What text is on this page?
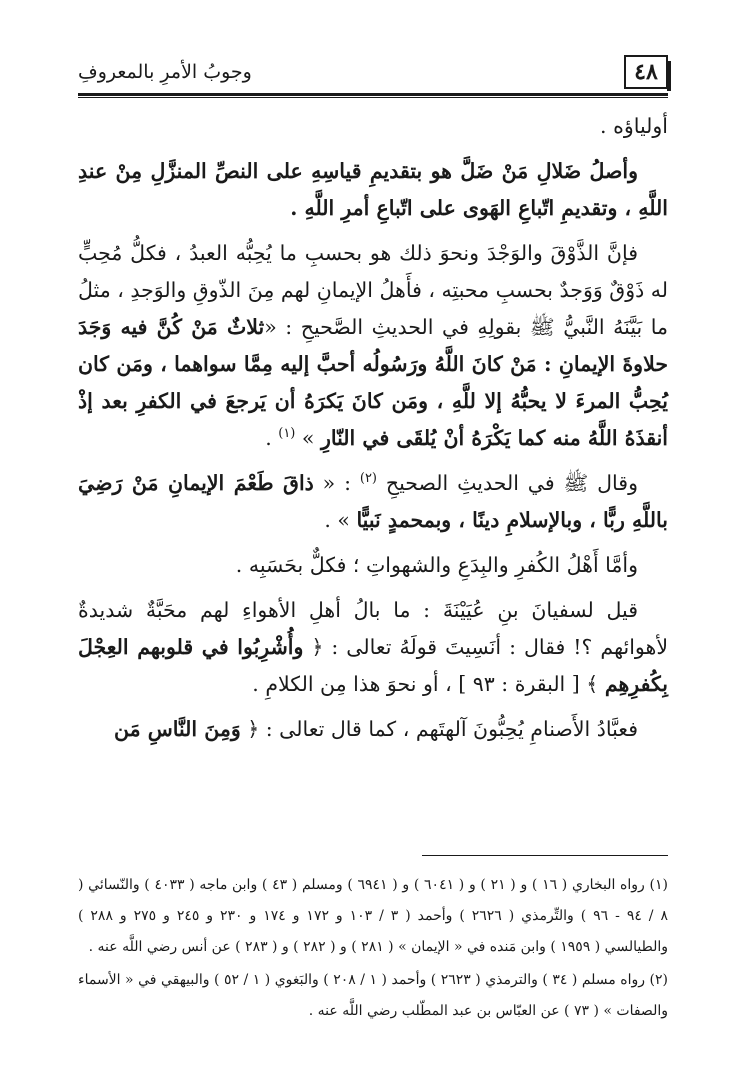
وجوبُ الأمرِ بالمعروفِ	٤٨

أولياؤه .

وأصلُ ضَلالِ مَنْ ضَلَّ هو بتقديمِ قياسِهِ على النصِّ المنزَّلِ مِنْ عندِ اللَّهِ ، وتقديمِ اتّباعِ الهَوى على اتّباعِ أمرِ اللَّهِ .

فإنَّ الذَّوْقَ والوَجْدَ ونحوَ ذلك هو بحسبِ ما يُحِبُّه العبدُ ، فكلُّ مُحِبٍّ له ذَوْقٌ وَوَجدٌ بحسبِ محبتِه ، فأَهلُ الإيمانِ لهم مِنَ الذّوقِ والوَجدِ ، مثلُ ما بَيَّنَهُ النَّبيُّ ﷺ بقولِهِ في الحديثِ الصَّحيحِ : «ثلاثٌ مَنْ كُنَّ فيه وَجَدَ حلاوةَ الإيمانِ : مَنْ كانَ اللَّهُ ورَسُولُه أحبَّ إليه مِمَّا سواهما ، ومَن كان يُحِبُّ المرءَ لا يحبُّهُ إلا للَّهِ ، ومَن كانَ يَكرَهُ أن يَرجعَ في الكفرِ بعد إذْ أنقذَهُ اللَّهُ منه كما يَكْرَهُ أنْ يُلقَى في النّارِ » $^{(١)}$ .

وقال ﷺ في الحديثِ الصحيحِ $^{(٢)}$ : « ذاقَ طَعْمَ الإيمانِ مَنْ رَضِيَ باللَّهِ ربًّا ، وبالإسلامِ دينًا ، وبمحمدٍ نَبيًّا » .

وأمَّا أَهْلُ الكُفرِ والبِدَعِ والشهواتِ ؛ فكلٌّ بحَسَبِه .

قيل لسفيانَ بنِ عُيَيْنَةَ : ما بالُ أهلِ الأهواءِ لهم محَبَّةٌ شديدةٌ لأهوائهم ؟! فقال : أنَسِيتَ قولَهُ تعالى : ﴿ وأُشْرِبُوا في قلوبهم العِجْلَ بِكُفرِهِم ﴾ [ البقرة : ٩٣ ] ، أو نحوَ هذا مِن الكلامِ .

فعبَّادُ الأَصنامِ يُحِبُّونَ آلهتَهم ، كما قال تعالى : ﴿ وَمِنَ النَّاسِ مَن

(١) رواه البخاري ( ١٦ ) و ( ٢١ ) و ( ٦٠٤١ ) و ( ٦٩٤١ ) ومسلم ( ٤٣ ) وابن ماجه ( ٤٠٣٣ ) والنّسائي ( ٨ / ٩٤ - ٩٦ ) والتِّرمذي ( ٢٦٢٦ ) وأحمد ( ٣ / ١٠٣ و ١٧٢ و ١٧٤ و ٢٣٠ و ٢٤٥ و ٢٧٥ و ٢٨٨ ) والطيالسي ( ١٩٥٩ ) وابن مَنده في « الإيمان » ( ٢٨١ ) و ( ٢٨٢ ) و ( ٢٨٣ ) عن أنس رضي اللَّه عنه .

(٢) رواه مسلم ( ٣٤ ) والترمذي ( ٢٦٢٣ ) وأحمد ( ١ / ٢٠٨ ) والبَغوي ( ١ / ٥٢ ) والبيهقي في « الأسماء والصفات » ( ٧٣ ) عن العبّاس بن عبد المطّلب رضي اللَّه عنه .
